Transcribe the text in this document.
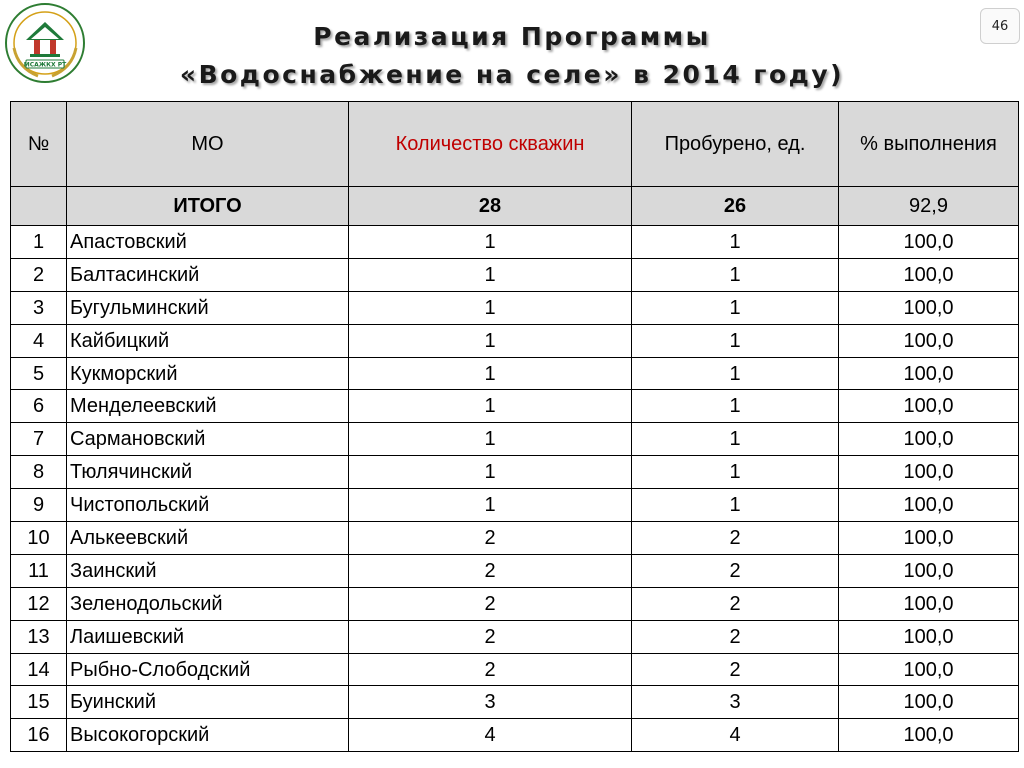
МСАЖКХ РТ
Реализация Программы
«Водоснабжение на селе» в 2014 году)
46
№	МО	Количество скважин	Пробурено, ед.	% выполнения
	ИТОГО	28	26	92,9
1	Апастовский	1	1	100,0
2	Балтасинский	1	1	100,0
3	Бугульминский	1	1	100,0
4	Кайбицкий	1	1	100,0
5	Кукморский	1	1	100,0
6	Менделеевский	1	1	100,0
7	Сармановский	1	1	100,0
8	Тюлячинский	1	1	100,0
9	Чистопольский	1	1	100,0
10	Алькеевский	2	2	100,0
11	Заинский	2	2	100,0
12	Зеленодольский	2	2	100,0
13	Лаишевский	2	2	100,0
14	Рыбно-Слободский	2	2	100,0
15	Буинский	3	3	100,0
16	Высокогорский	4	4	100,0
